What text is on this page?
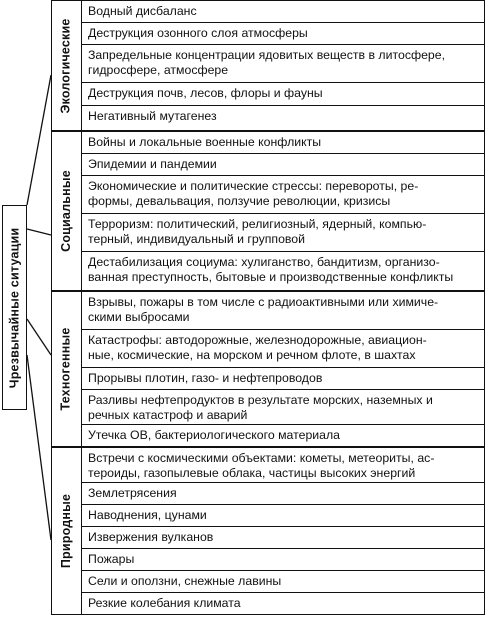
Чрезвычайные ситуации
Экологические
Водный дисбаланс
Деструкция озонного слоя атмосферы
Запредельные концентрации ядовитых веществ в литосфере,
гидросфере, атмосфере
Деструкция почв, лесов, флоры и фауны
Негативный мутагенез
Социальные
Войны и локальные военные конфликты
Эпидемии и пандемии
Экономические и политические стрессы: перевороты, ре-
формы, девальвация, ползучие революции, кризисы
Терроризм: политический, религиозный, ядерный, компью-
терный, индивидуальный и групповой
Дестабилизация социума: хулиганство, бандитизм, организо-
ванная преступность, бытовые и производственные конфликты
Техногенные
Взрывы, пожары в том числе с радиоактивными или химиче-
скими выбросами
Катастрофы: автодорожные, железнодорожные, авиацион-
ные, космические, на морском и речном флоте, в шахтах
Прорывы плотин, газо- и нефтепроводов
Разливы нефтепродуктов в результате морских, наземных и
речных катастроф и аварий
Утечка ОВ, бактериологического материала
Природные
Встречи с космическими объектами: кометы, метеориты, ас-
тероиды, газопылевые облака, частицы высоких энергий
Землетрясения
Наводнения, цунами
Извержения вулканов
Пожары
Сели и оползни, снежные лавины
Резкие колебания климата
